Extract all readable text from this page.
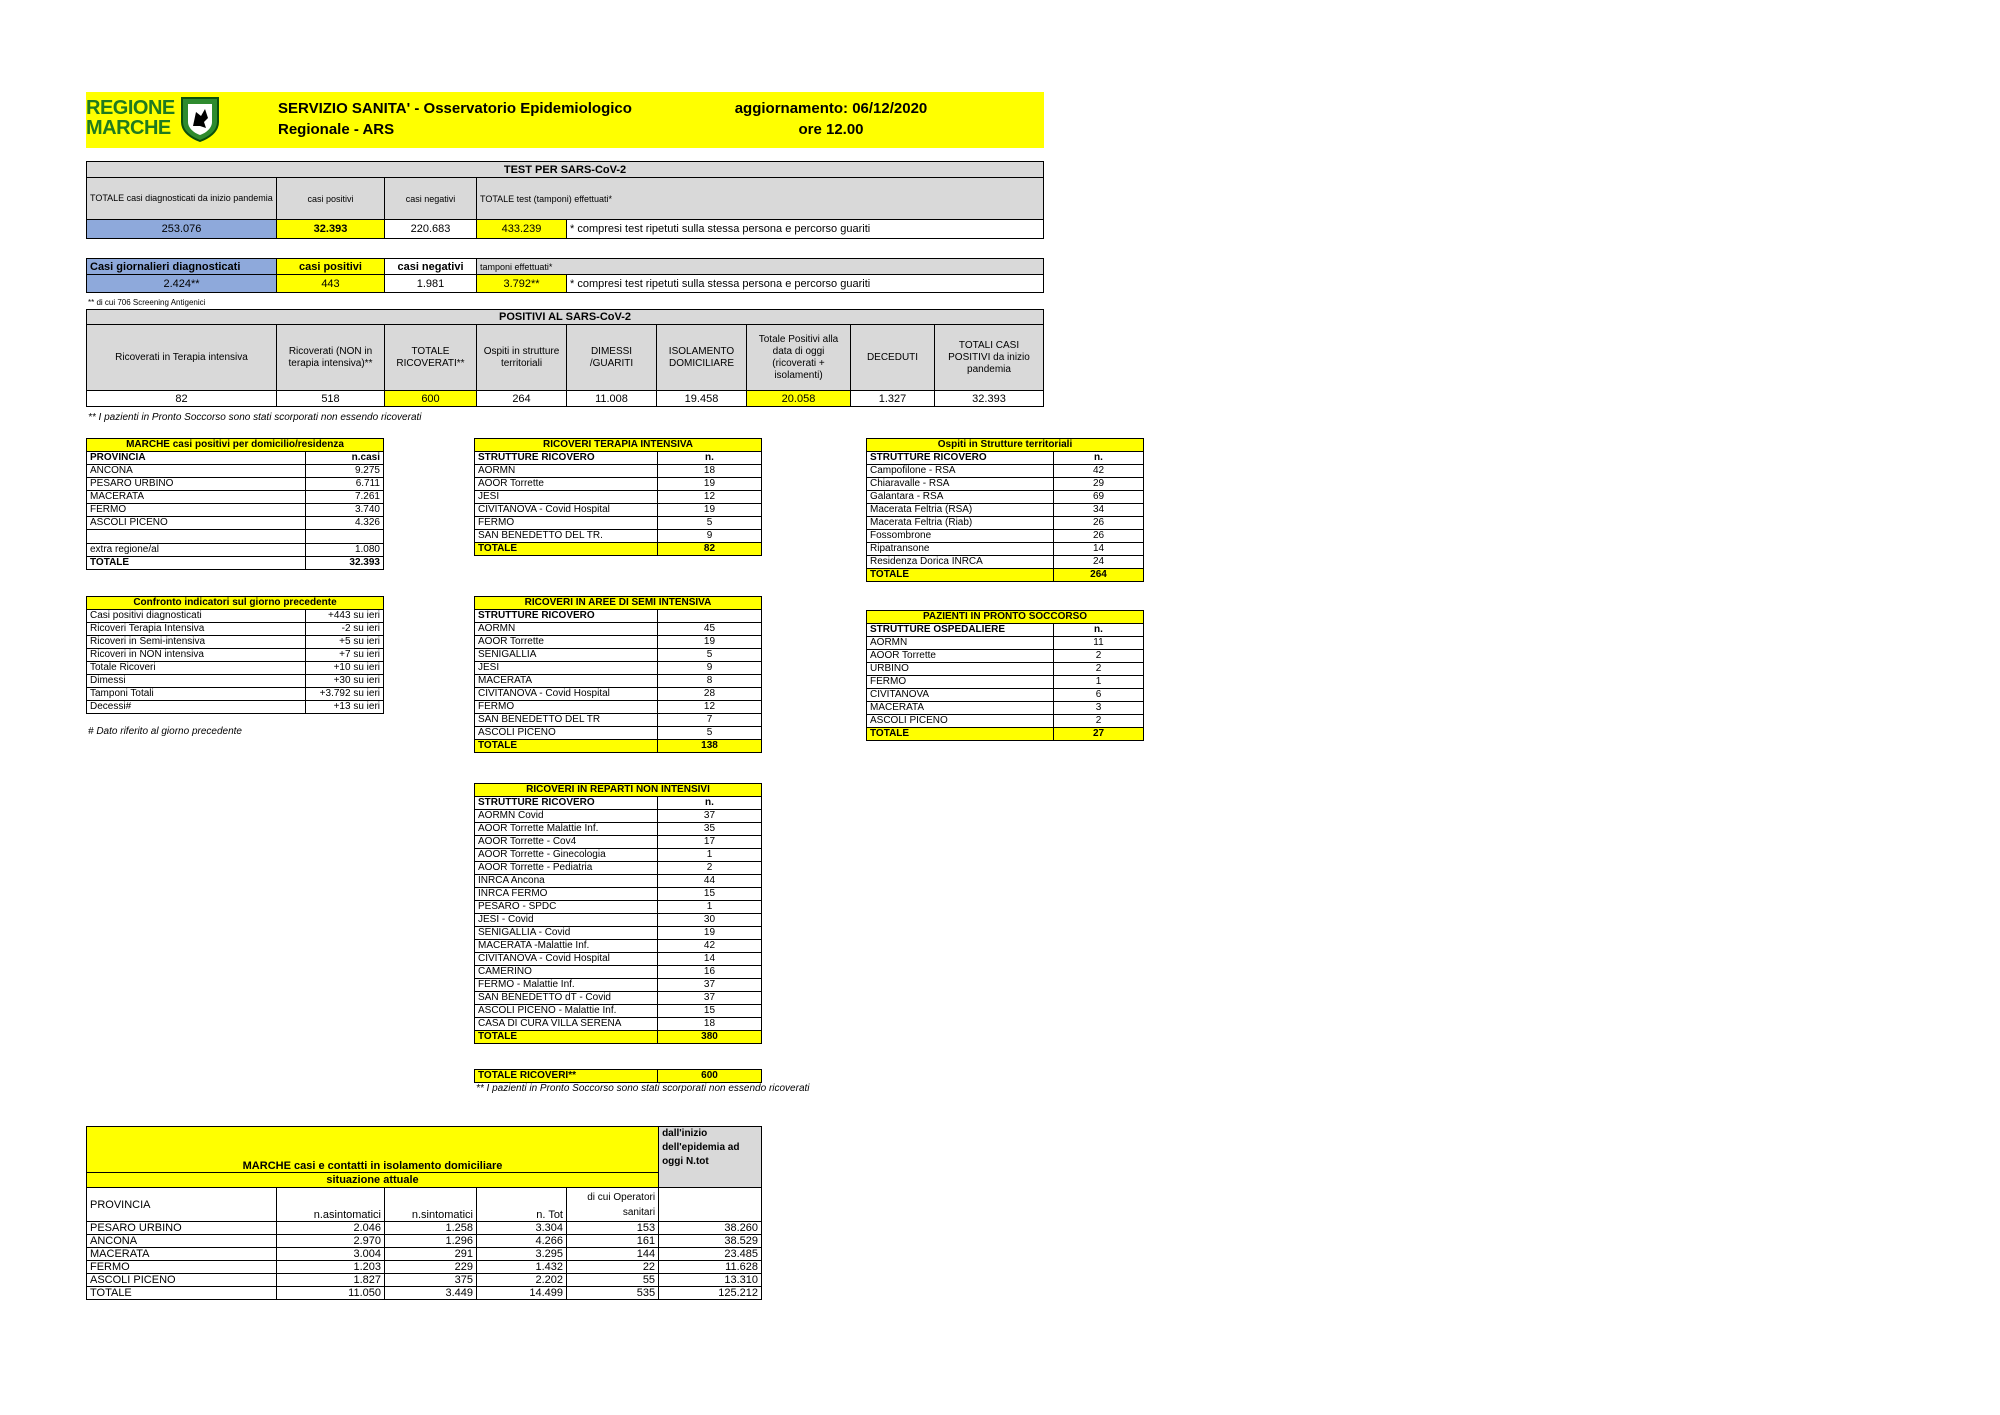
REGIONE
MARCHE
SERVIZIO SANITA' - Osservatorio Epidemiologico
Regionale - ARS
aggiornamento: 06/12/2020
ore 12.00
TEST PER SARS-CoV-2				
TOTALE casi diagnosticati da inizio pandemia	casi positivi	casi negativi	TOTALE test (tamponi) effettuati*	
253.076	32.393	220.683	433.239	* compresi test ripetuti sulla stessa persona e percorso guariti
Casi giornalieri diagnosticati	casi positivi	casi negativi	tamponi effettuati*	
2.424**	443	1.981	3.792**	* compresi test ripetuti sulla stessa persona e percorso guariti
** di cui 706 Screening Antigenici
POSITIVI AL SARS-CoV-2								
Ricoverati in Terapia intensiva	Ricoverati (NON in terapia intensiva)**	TOTALE RICOVERATI**	Ospiti in strutture territoriali	DIMESSI /GUARITI	ISOLAMENTO DOMICILIARE	Totale Positivi alla data di oggi (ricoverati + isolamenti)	DECEDUTI	TOTALI CASI POSITIVI da inizio pandemia
82	518	600	264	11.008	19.458	20.058	1.327	32.393
** I pazienti in Pronto Soccorso sono stati scorporati non essendo ricoverati
MARCHE casi positivi per domicilio/residenza	
PROVINCIA	n.casi
ANCONA	9.275
PESARO URBINO	6.711
MACERATA	7.261
FERMO	3.740
ASCOLI PICENO	4.326

extra regione/al	1.080
TOTALE	32.393
Confronto indicatori sul giorno precedente	
Casi positivi diagnosticati	+443 su ieri
Ricoveri Terapia Intensiva	-2 su ieri
Ricoveri in Semi-intensiva	+5 su ieri
Ricoveri in NON intensiva	+7 su ieri
Totale Ricoveri	+10 su ieri
Dimessi	+30 su ieri
Tamponi Totali	+3.792 su ieri
Decessi#	+13 su ieri
# Dato riferito al giorno precedente
RICOVERI TERAPIA INTENSIVA	
STRUTTURE RICOVERO	n.
AORMN	18
AOOR Torrette	19
JESI	12
CIVITANOVA - Covid Hospital	19
FERMO	5
SAN BENEDETTO DEL TR.	9
TOTALE	82
RICOVERI IN AREE DI SEMI INTENSIVA	
STRUTTURE RICOVERO	
AORMN	45
AOOR Torrette	19
SENIGALLIA	5
JESI	9
MACERATA	8
CIVITANOVA - Covid Hospital	28
FERMO	12
SAN BENEDETTO DEL TR	7
ASCOLI PICENO	5
TOTALE	138
RICOVERI IN REPARTI NON INTENSIVI	
STRUTTURE RICOVERO	n.
AORMN Covid	37
AOOR Torrette Malattie Inf.	35
AOOR Torrette - Cov4	17
AOOR Torrette - Ginecologia	1
AOOR Torrette - Pediatria	2
INRCA Ancona	44
INRCA FERMO	15
PESARO - SPDC	1
JESI - Covid	30
SENIGALLIA - Covid	19
MACERATA -Malattie Inf.	42
CIVITANOVA - Covid Hospital	14
CAMERINO	16
FERMO - Malattie Inf.	37
SAN BENEDETTO dT - Covid	37
ASCOLI PICENO - Malattie Inf.	15
CASA DI CURA VILLA SERENA	18
TOTALE	380
TOTALE RICOVERI**	600
** I pazienti in Pronto Soccorso sono stati scorporati non essendo ricoverati
Ospiti in Strutture territoriali	
STRUTTURE RICOVERO	n.
Campofilone - RSA	42
Chiaravalle - RSA	29
Galantara - RSA	69
Macerata Feltria (RSA)	34
Macerata Feltria (Riab)	26
Fossombrone	26
Ripatransone	14
Residenza Dorica INRCA	24
TOTALE	264
PAZIENTI IN PRONTO SOCCORSO	
STRUTTURE OSPEDALIERE	n.
AORMN	11
AOOR Torrette	2
URBINO	2
FERMO	1
CIVITANOVA	6
MACERATA	3
ASCOLI PICENO	2
TOTALE	27
MARCHE casi e contatti in isolamento domiciliare					dall'inizio dell'epidemia ad oggi N.tot
situazione attuale					
PROVINCIA	n.asintomatici	n.sintomatici	n. Tot	di cui Operatori sanitari	
PESARO URBINO	2.046	1.258	3.304	153	38.260
ANCONA	2.970	1.296	4.266	161	38.529
MACERATA	3.004	291	3.295	144	23.485
FERMO	1.203	229	1.432	22	11.628
ASCOLI PICENO	1.827	375	2.202	55	13.310
TOTALE	11.050	3.449	14.499	535	125.212
